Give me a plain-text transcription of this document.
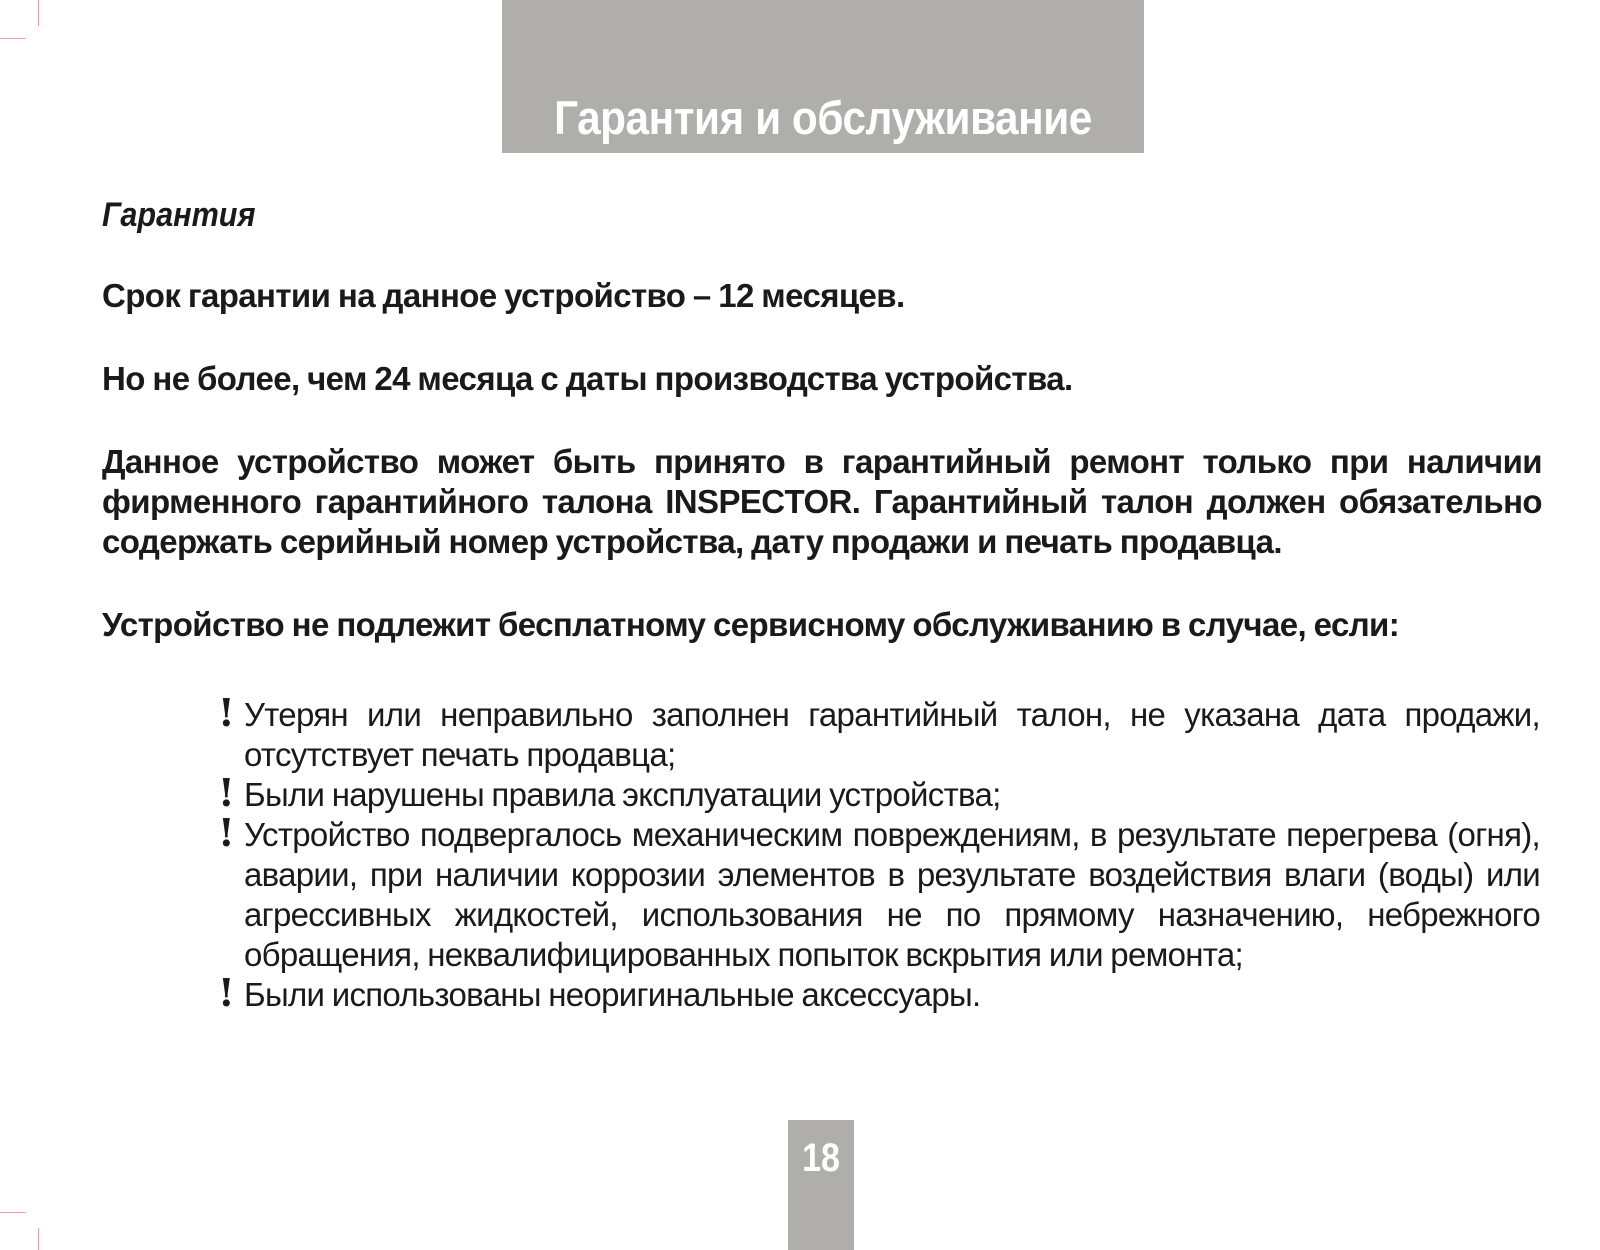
Гарантия и обслуживание
Гарантия

Срок гарантии на данное устройство – 12 месяцев.

Но не более, чем 24 месяца с даты производства устройства.

Данное устройство может быть принято в гарантийный ремонт только при наличии фирменного гарантийного талона INSPECTOR. Гарантийный талон должен обязательно содержать серийный номер устройства, дату продажи и печать продавца.

Устройство не подлежит бесплатному сервисному обслуживанию в случае, если:

! Утерян или неправильно заполнен гарантийный талон, не указана дата продажи, отсутствует печать продавца;
! Были нарушены правила эксплуатации устройства;
! Устройство подвергалось механическим повреждениям, в результате перегрева (огня), аварии, при наличии коррозии элементов в результате воздействия влаги (воды) или агрессивных жидкостей, использования не по прямому назначению, небрежного обращения, неквалифицированных попыток вскрытия или ремонта;
! Были использованы неоригинальные аксессуары.
18
